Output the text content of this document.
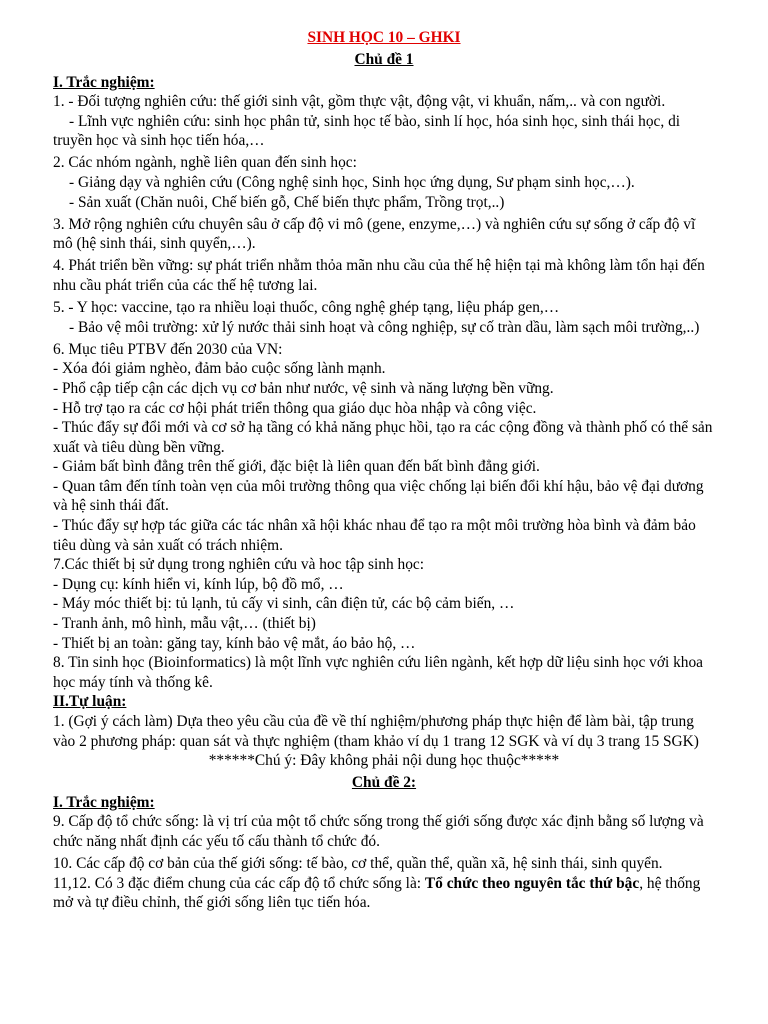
SINH HỌC 10 – GHKI

Chủ đề 1

I. Trắc nghiệm:

1. - Đối tượng nghiên cứu: thế giới sinh vật, gồm thực vật, động vật, vi khuẩn, nấm,.. và con người.

- Lĩnh vực nghiên cứu: sinh học phân tử, sinh học tế bào, sinh lí học, hóa sinh học, sinh thái học, di truyền học và sinh học tiến hóa,…

2. Các nhóm ngành, nghề liên quan đến sinh học:

- Giảng dạy và nghiên cứu (Công nghệ sinh học, Sinh học ứng dụng, Sư phạm sinh học,…).

- Sản xuất (Chăn nuôi, Chế biến gỗ, Chế biến thực phẩm, Trồng trọt,..)

3. Mở rộng nghiên cứu chuyên sâu ở cấp độ vi mô (gene, enzyme,…) và nghiên cứu sự sống ở cấp độ vĩ mô (hệ sinh thái, sinh quyển,…).

4. Phát triển bền vững: sự phát triển nhằm thỏa mãn nhu cầu của thế hệ hiện tại mà không làm tổn hại đến nhu cầu phát triển của các thế hệ tương lai.

5. - Y học: vaccine, tạo ra nhiều loại thuốc, công nghệ ghép tạng, liệu pháp gen,…

- Bảo vệ môi trường: xử lý nước thải sinh hoạt và công nghiệp, sự cố tràn dầu, làm sạch môi trường,..)

6. Mục tiêu PTBV đến 2030 của VN:

- Xóa đói giảm nghèo, đảm bảo cuộc sống lành mạnh.

- Phổ cập tiếp cận các dịch vụ cơ bản như nước, vệ sinh và năng lượng bền vững.

- Hỗ trợ tạo ra các cơ hội phát triển thông qua giáo dục hòa nhập và công việc.

- Thúc đẩy sự đổi mới và cơ sở hạ tầng có khả năng phục hồi, tạo ra các cộng đồng và thành phố có thể sản xuất và tiêu dùng bền vững.

- Giảm bất bình đẳng trên thế giới, đặc biệt là liên quan đến bất bình đẳng giới.

- Quan tâm đến tính toàn vẹn của môi trường thông qua việc chống lại biến đổi khí hậu, bảo vệ đại dương và hệ sinh thái đất.

- Thúc đẩy sự hợp tác giữa các tác nhân xã hội khác nhau để tạo ra một môi trường hòa bình và đảm bảo tiêu dùng và sản xuất có trách nhiệm.

7.Các thiết bị sử dụng trong nghiên cứu và hoc tập sinh học:

- Dụng cụ: kính hiển vi, kính lúp, bộ đồ mổ, …

- Máy móc thiết bị: tủ lạnh, tủ cấy vi sinh, cân điện tử, các bộ cảm biến, …

- Tranh ảnh, mô hình, mẫu vật,… (thiết bị)

- Thiết bị an toàn: găng tay, kính bảo vệ mắt, áo bảo hộ, …

8. Tin sinh học (Bioinformatics) là một lĩnh vực nghiên cứu liên ngành, kết hợp dữ liệu sinh học với khoa học máy tính và thống kê.

II.Tự luận:

1. (Gợi ý cách làm) Dựa theo yêu cầu của đề về thí nghiệm/phương pháp thực hiện để làm bài, tập trung vào 2 phương pháp: quan sát và thực nghiệm (tham khảo ví dụ 1 trang 12 SGK và ví dụ 3 trang 15 SGK)

******Chú ý: Đây không phải nội dung học thuộc*****

Chủ đề 2:

I. Trắc nghiệm:

9. Cấp độ tổ chức sống: là vị trí của một tổ chức sống trong thế giới sống được xác định bằng số lượng và chức năng nhất định các yếu tố cấu thành tổ chức đó.

10. Các cấp độ cơ bản của thế giới sống: tế bào, cơ thể, quần thể, quần xã, hệ sinh thái, sinh quyển.

11,12. Có 3 đặc điểm chung của các cấp độ tổ chức sống là: Tổ chức theo nguyên tắc thứ bậc, hệ thống mở và tự điều chỉnh, thế giới sống liên tục tiến hóa.
